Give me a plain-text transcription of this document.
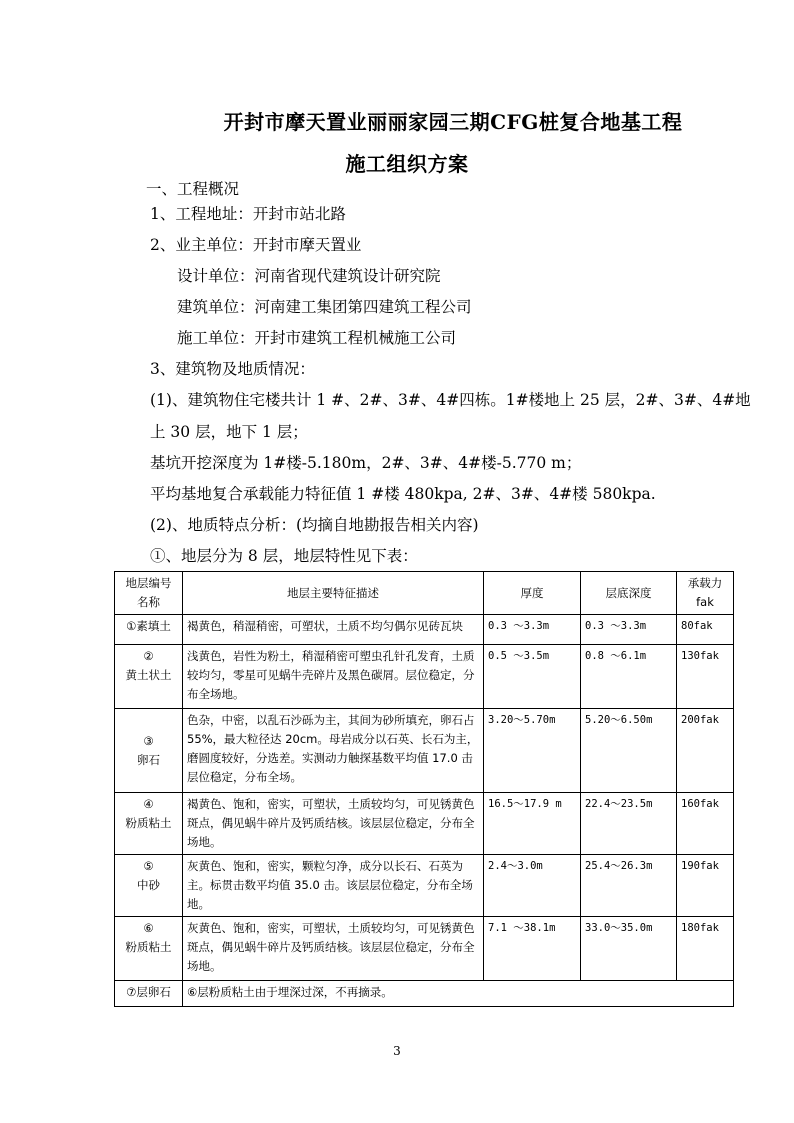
开封市摩天置业丽丽家园三期CFG桩复合地基工程
施工组织方案
一、工程概况
1、工程地址：开封市站北路
2、业主单位：开封市摩天置业
设计单位：河南省现代建筑设计研究院
建筑单位：河南建工集团第四建筑工程公司
施工单位：开封市建筑工程机械施工公司
3、建筑物及地质情况：
(1)、建筑物住宅楼共计 1 #、2#、3#、4#四栋。1#楼地上 25 层，2#、3#、4#地
上 30 层，地下 1 层；
基坑开挖深度为 1#楼-5.180m，2#、3#、4#楼-5.770 m；
平均基地复合承载能力特征值 1 #楼 480kpa, 2#、3#、4#楼 580kpa.
(2)、地质特点分析：(均摘自地勘报告相关内容)
①、地层分为 8 层，地层特性见下表：
地层编号
名称	地层主要特征描述	厚度	层底深度	承载力
fak
①素填土	褐黄色，稍湿稍密，可塑状，土质不均匀偶尔见砖瓦块	0.3 ～3.3m	0.3 ～3.3m	80fak
②
黄土状土	浅黄色，岩性为粉土，稍湿稍密可塑虫孔针孔发育，土质较均匀，零星可见蜗牛壳碎片及黑色碳屑。层位稳定，分布全场地。	0.5 ～3.5m	0.8 ～6.1m	130fak
③
卵石	色杂，中密，以乱石沙砾为主，其间为砂所填充，卵石占 55%，最大粒径达 20cm。母岩成分以石英、长石为主，磨圆度较好，分选差。实测动力触探基数平均值 17.0 击层位稳定，分布全场。	3.20～5.70m	5.20～6.50m	200fak
④
粉质粘土	褐黄色、饱和，密实，可塑状，土质较均匀，可见锈黄色斑点，偶见蜗牛碎片及钙质结核。该层层位稳定，分布全场地。	16.5～17.9 m	22.4～23.5m	160fak
⑤
中砂	灰黄色、饱和，密实，颗粒匀净，成分以长石、石英为主。标贯击数平均值 35.0 击。该层层位稳定，分布全场地。	2.4～3.0m	25.4～26.3m	190fak
⑥
粉质粘土	灰黄色、饱和，密实，可塑状，土质较均匀，可见锈黄色斑点，偶见蜗牛碎片及钙质结核。该层层位稳定，分布全场地。	7.1 ～38.1m	33.0～35.0m	180fak
⑦层卵石	⑥层粉质粘土由于埋深过深，不再摘录。			
3
